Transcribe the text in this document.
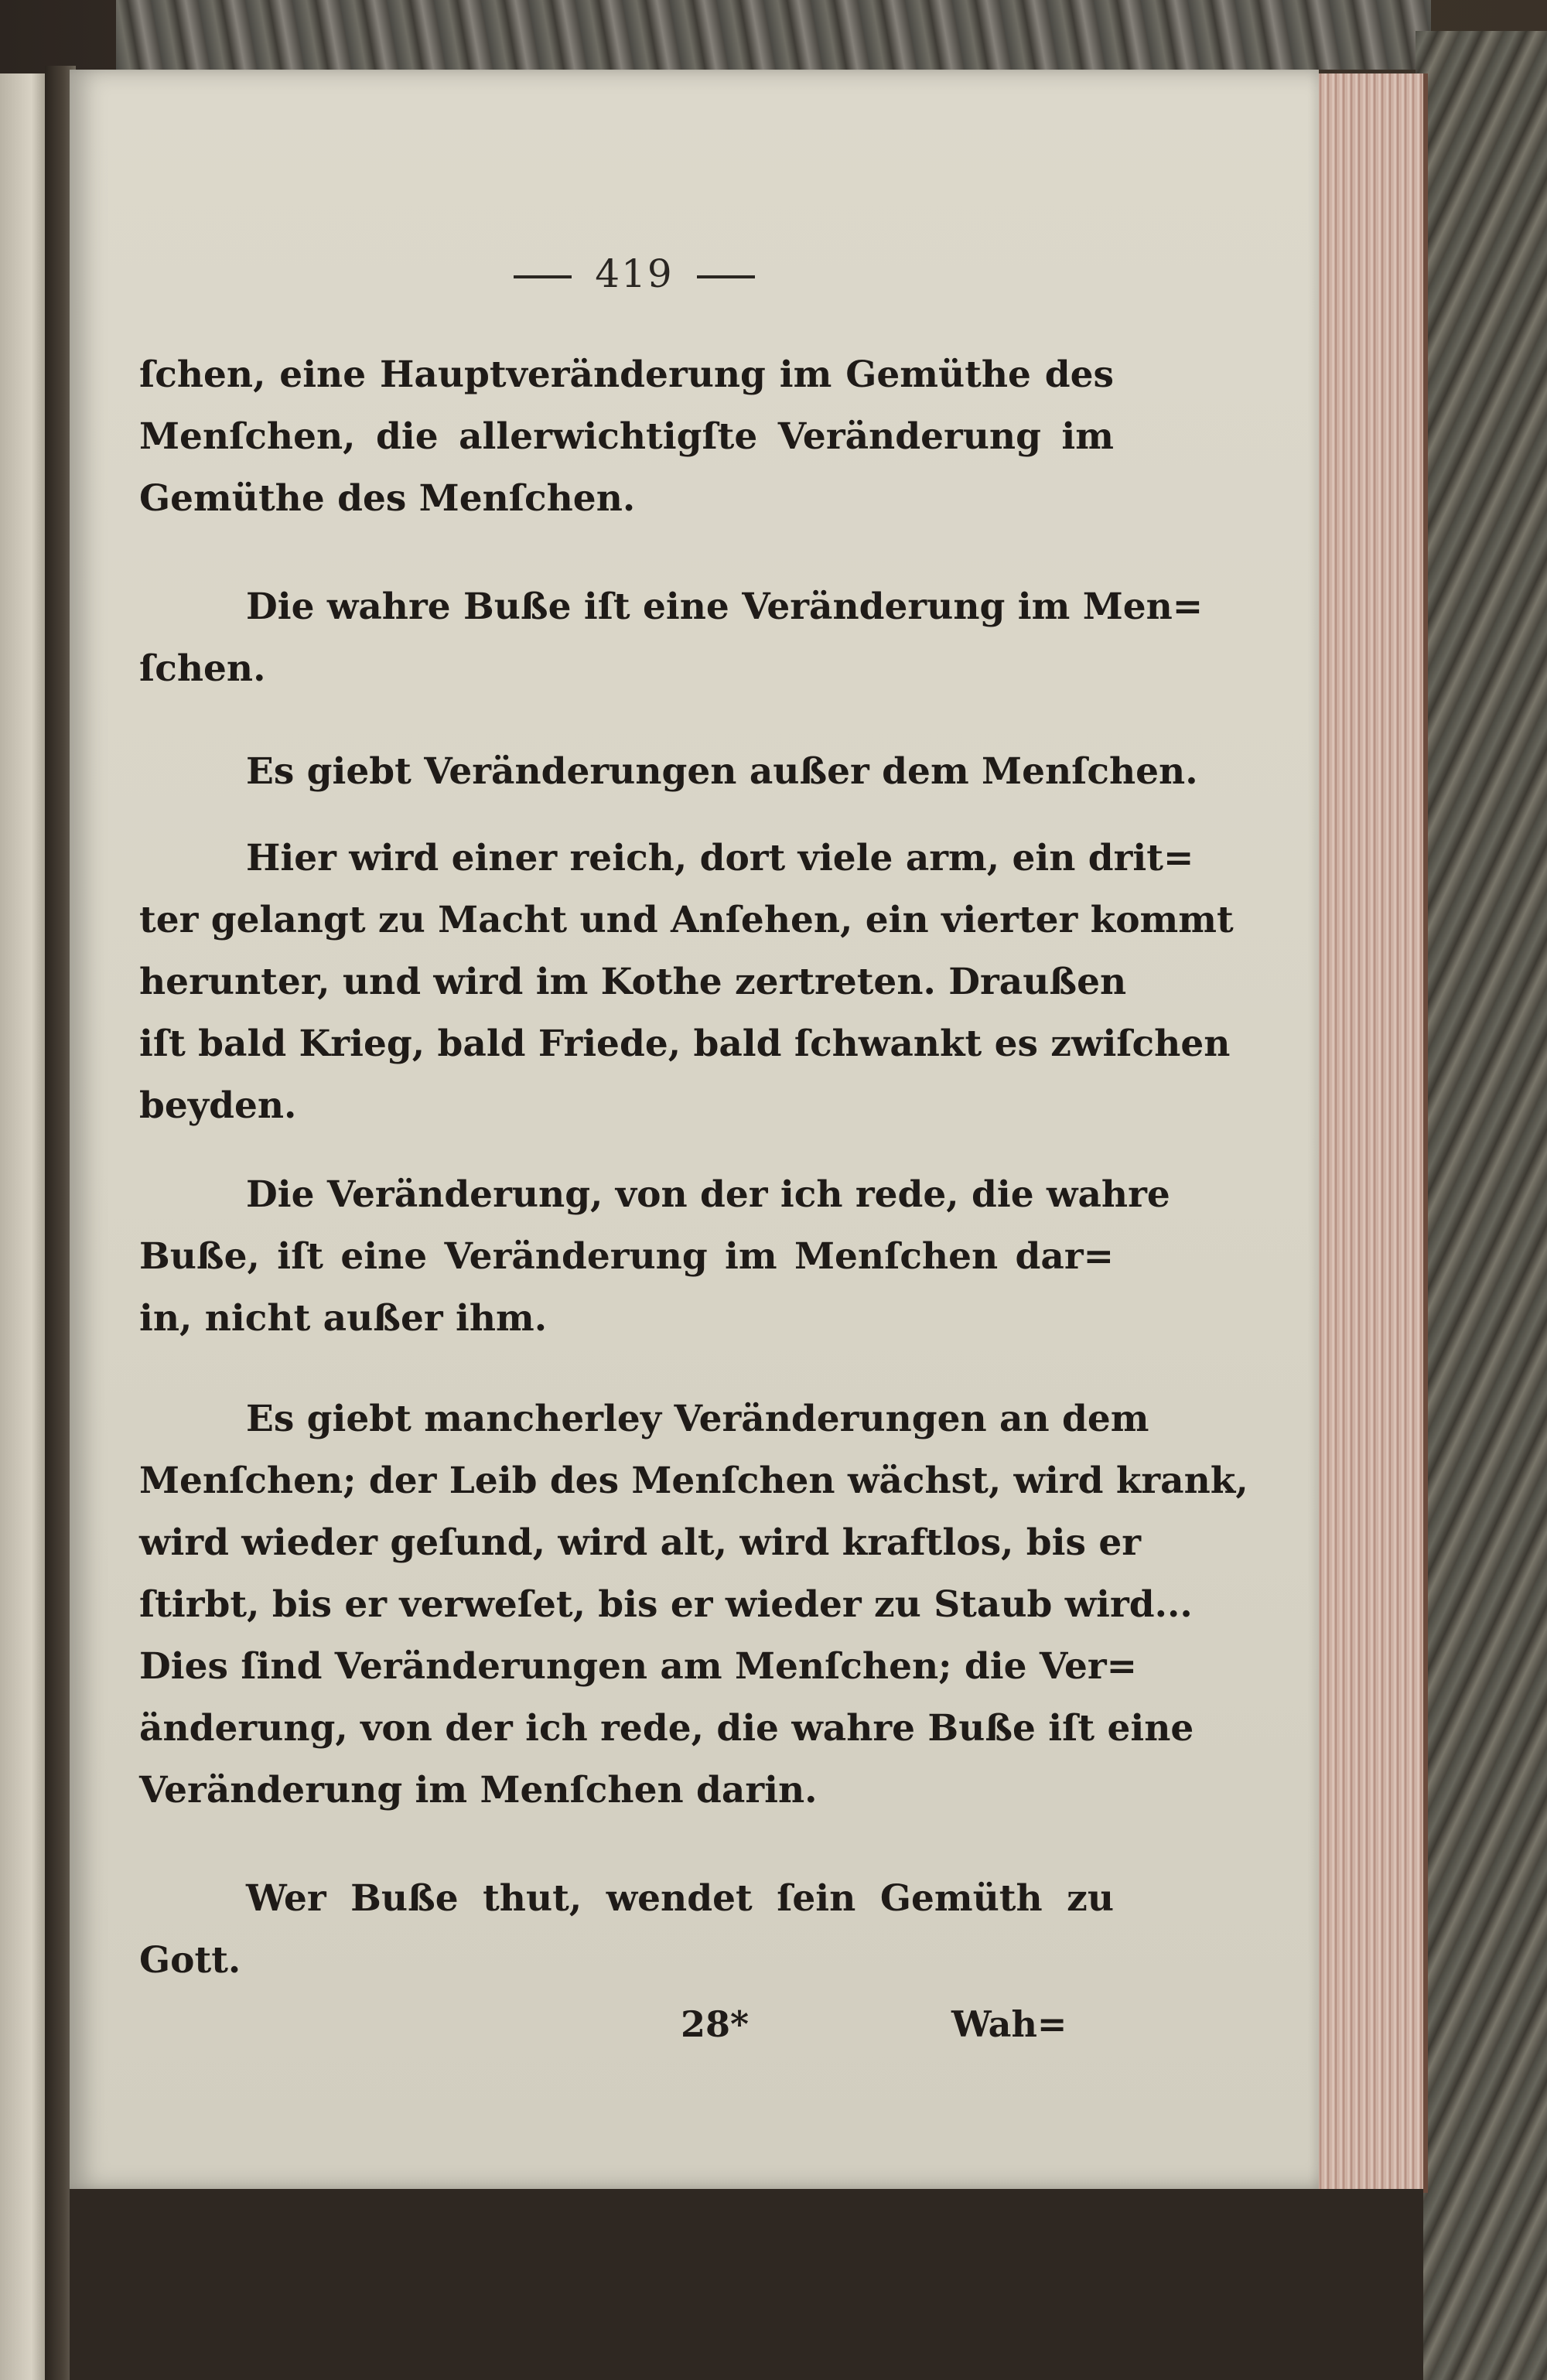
419
ſchen, eine Hauptveränderung im Gemüthe des
Menſchen, die allerwichtigſte Veränderung im
Gemüthe des Menſchen.
Die wahre Buße iſt eine Veränderung im Men=
ſchen.
Es giebt Veränderungen außer dem Menſchen.
Hier wird einer reich, dort viele arm, ein drit=
ter gelangt zu Macht und Anſehen, ein vierter kommt
herunter, und wird im Kothe zertreten. Draußen
iſt bald Krieg, bald Friede, bald ſchwankt es zwiſchen
beyden.
Die Veränderung, von der ich rede, die wahre
Buße, iſt eine Veränderung im Menſchen dar=
in, nicht außer ihm.
Es giebt mancherley Veränderungen an dem
Menſchen; der Leib des Menſchen wächst, wird krank,
wird wieder geſund, wird alt, wird kraftlos, bis er
ſtirbt, bis er verweſet, bis er wieder zu Staub wird...
Dies ſind Veränderungen am Menſchen; die Ver=
änderung, von der ich rede, die wahre Buße iſt eine
Veränderung im Menſchen darin.
Wer Buße thut, wendet ſein Gemüth zu
Gott.
28*	Wah=
